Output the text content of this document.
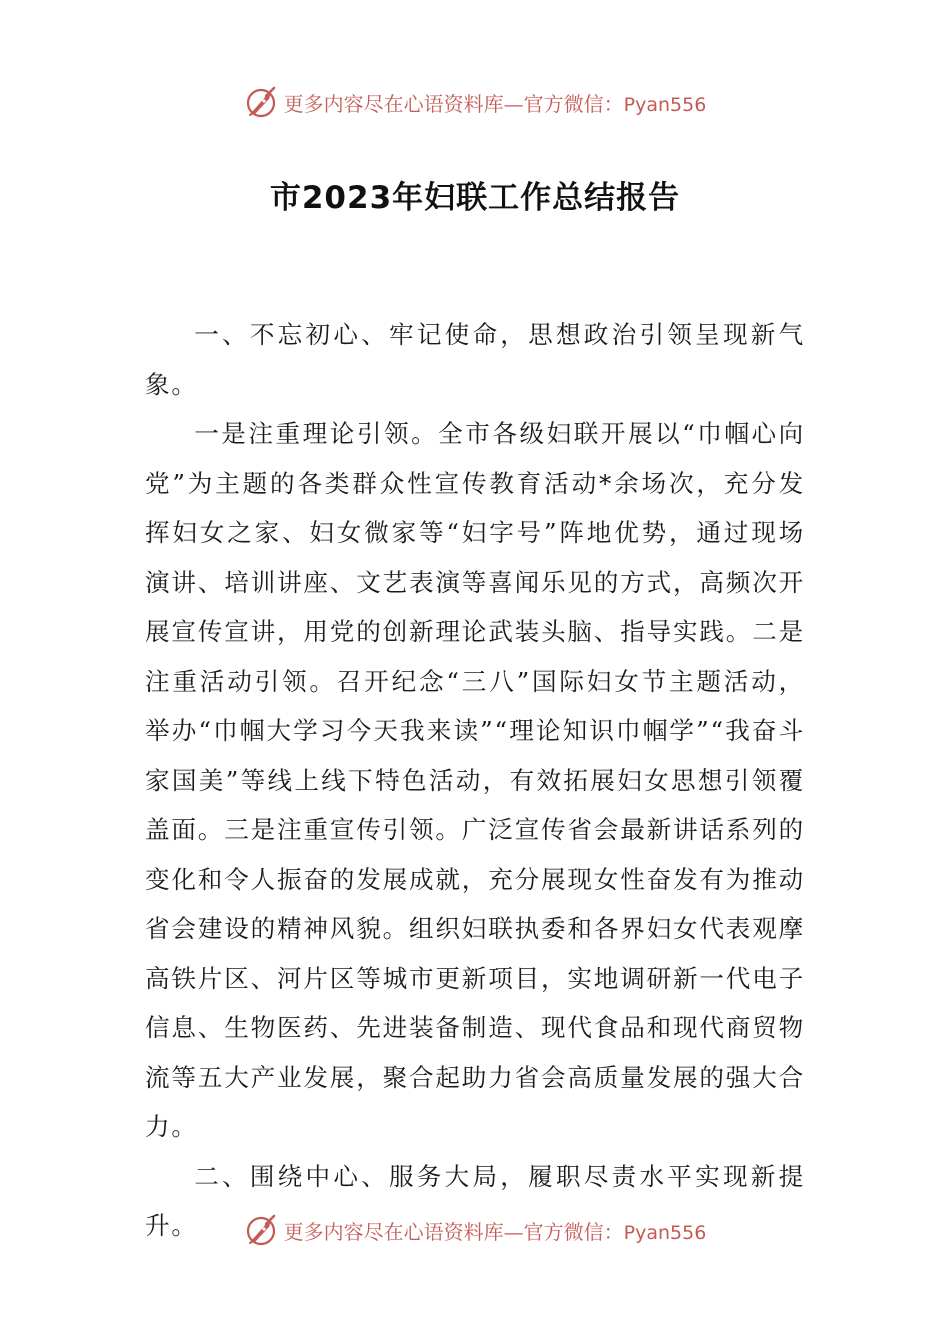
更多内容尽在心语资料库—官方微信：Pyan556
市2023年妇联工作总结报告

一、不忘初心、牢记使命，思想政治引领呈现新气象。

一是注重理论引领。全市各级妇联开展以“巾帼心向党”为主题的各类群众性宣传教育活动*余场次，充分发挥妇女之家、妇女微家等“妇字号”阵地优势，通过现场演讲、培训讲座、文艺表演等喜闻乐见的方式，高频次开展宣传宣讲，用党的创新理论武装头脑、指导实践。二是注重活动引领。召开纪念“三八”国际妇女节主题活动，举办“巾帼大学习今天我来读”“理论知识巾帼学”“我奋斗家国美”等线上线下特色活动，有效拓展妇女思想引领覆盖面。三是注重宣传引领。广泛宣传省会最新讲话系列的变化和令人振奋的发展成就，充分展现女性奋发有为推动省会建设的精神风貌。组织妇联执委和各界妇女代表观摩高铁片区、河片区等城市更新项目，实地调研新一代电子信息、生物医药、先进装备制造、现代食品和现代商贸物流等五大产业发展，聚合起助力省会高质量发展的强大合力。

二、围绕中心、服务大局，履职尽责水平实现新提升。	更多内容尽在心语资料库—官方微信：Pyan556
